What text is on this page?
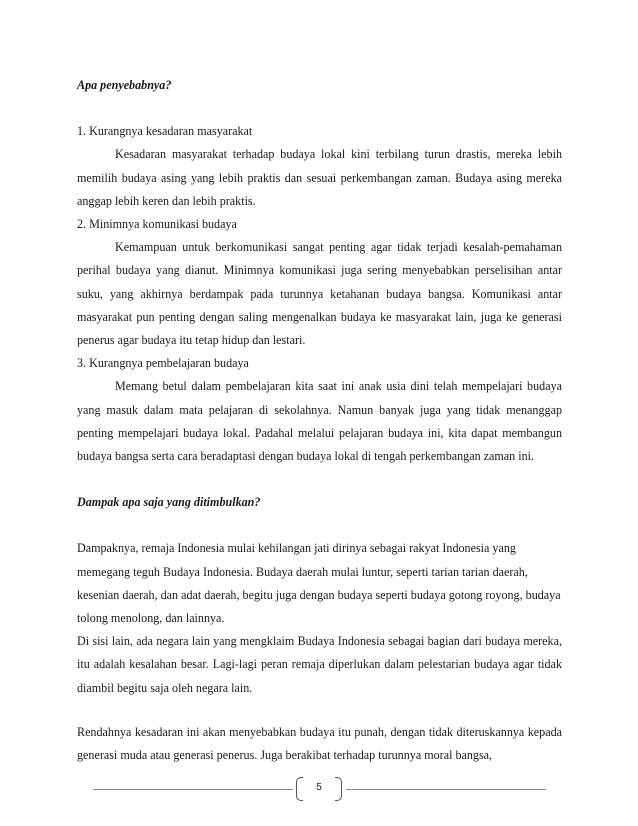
Apa penyebabnya?

1. Kurangnya kesadaran masyarakat

Kesadaran masyarakat terhadap budaya lokal kini terbilang turun drastis, mereka lebih memilih budaya asing yang lebih praktis dan sesuai perkembangan zaman. Budaya asing mereka anggap lebih keren dan lebih praktis.

2. Minimnya komunikasi budaya

Kemampuan untuk berkomunikasi sangat penting agar tidak terjadi kesalah-pemahaman perihal budaya yang dianut. Minimnya komunikasi juga sering menyebabkan perselisihan antar suku, yang akhirnya berdampak pada turunnya ketahanan budaya bangsa. Komunikasi antar masyarakat pun penting dengan saling mengenalkan budaya ke masyarakat lain, juga ke generasi penerus agar budaya itu tetap hidup dan lestari.

3. Kurangnya pembelajaran budaya

Memang betul dalam pembelajaran kita saat ini anak usia dini telah mempelajari budaya yang masuk dalam mata pelajaran di sekolahnya. Namun banyak juga yang tidak menanggap penting mempelajari budaya lokal. Padahal melalui pelajaran budaya ini, kita dapat membangun budaya bangsa serta cara beradaptasi dengan budaya lokal di tengah perkembangan zaman ini.

Dampak apa saja yang ditimbulkan?

Dampaknya, remaja Indonesia mulai kehilangan jati dirinya sebagai rakyat Indonesia yang memegang teguh Budaya Indonesia. Budaya daerah mulai luntur, seperti tarian tarian daerah, kesenian daerah, dan adat daerah, begitu juga dengan budaya seperti budaya gotong royong, budaya tolong menolong, dan lainnya.

Di sisi lain, ada negara lain yang mengklaim Budaya Indonesia sebagai bagian dari budaya mereka, itu adalah kesalahan besar. Lagi-lagi peran remaja diperlukan dalam pelestarian budaya agar tidak diambil begitu saja oleh negara lain.

Rendahnya kesadaran ini akan menyebabkan budaya itu punah, dengan tidak diteruskannya kepada generasi muda atau generasi penerus. Juga berakibat terhadap turunnya moral bangsa,

5
